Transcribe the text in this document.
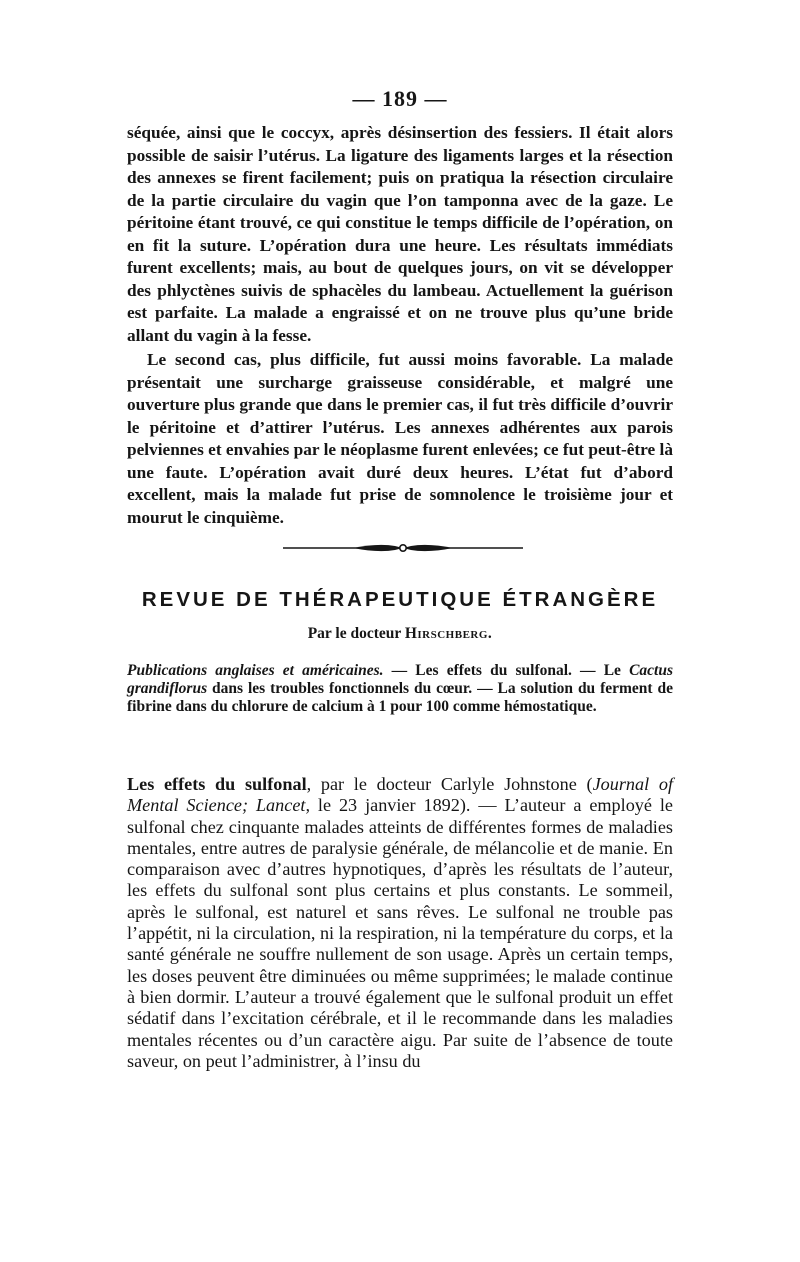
— 189 —

séquée, ainsi que le coccyx, après désinsertion des fessiers. Il était alors possible de saisir l’utérus. La ligature des ligaments larges et la résection des annexes se firent facilement; puis on pratiqua la résection circulaire de la partie circulaire du vagin que l’on tamponna avec de la gaze. Le péritoine étant trouvé, ce qui constitue le temps difficile de l’opération, on en fit la suture. L’opération dura une heure. Les résultats immédiats furent excellents; mais, au bout de quelques jours, on vit se développer des phlyctènes suivis de sphacèles du lambeau. Actuellement la guérison est parfaite. La malade a engraissé et on ne trouve plus qu’une bride allant du vagin à la fesse.

Le second cas, plus difficile, fut aussi moins favorable. La malade présentait une surcharge graisseuse considérable, et malgré une ouverture plus grande que dans le premier cas, il fut très difficile d’ouvrir le péritoine et d’attirer l’utérus. Les annexes adhérentes aux parois pelviennes et envahies par le néoplasme furent enlevées; ce fut peut-être là une faute. L’opération avait duré deux heures. L’état fut d’abord excellent, mais la malade fut prise de somnolence le troisième jour et mourut le cinquième.

REVUE DE THÉRAPEUTIQUE ÉTRANGÈRE
Par le docteur Hirschberg.

Publications anglaises et américaines. — Les effets du sulfonal. — Le Cactus grandiflorus dans les troubles fonctionnels du cœur. — La solution du ferment de fibrine dans du chlorure de calcium à 1 pour 100 comme hémostatique.

Les effets du sulfonal, par le docteur Carlyle Johnstone (Journal of Mental Science; Lancet, le 23 janvier 1892). — L’auteur a employé le sulfonal chez cinquante malades atteints de différentes formes de maladies mentales, entre autres de paralysie générale, de mélancolie et de manie. En comparaison avec d’autres hypnotiques, d’après les résultats de l’auteur, les effets du sulfonal sont plus certains et plus constants. Le sommeil, après le sulfonal, est naturel et sans rêves. Le sulfonal ne trouble pas l’appétit, ni la circulation, ni la respiration, ni la température du corps, et la santé générale ne souffre nullement de son usage. Après un certain temps, les doses peuvent être diminuées ou même supprimées; le malade continue à bien dormir. L’auteur a trouvé également que le sulfonal produit un effet sédatif dans l’excitation cérébrale, et il le recommande dans les maladies mentales récentes ou d’un caractère aigu. Par suite de l’absence de toute saveur, on peut l’administrer, à l’insu du
